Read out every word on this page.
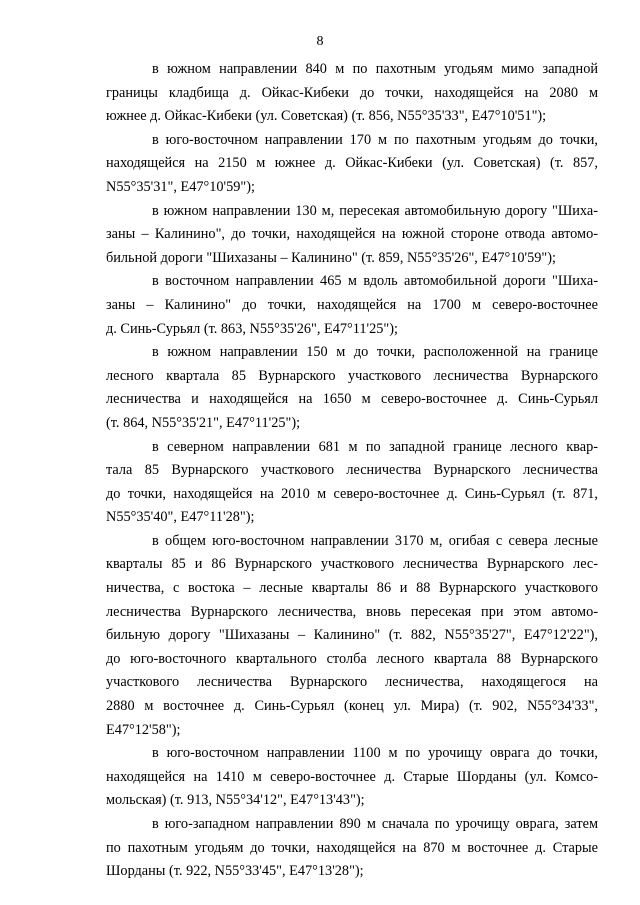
8

в южном направлении 840 м по пахотным угодьям мимо западной
границы кладбища д. Ойкас-Кибеки до точки, находящейся на 2080 м
южнее д. Ойкас-Кибеки (ул. Советская) (т. 856, N55°35'33", E47°10'51");

в юго-восточном направлении 170 м по пахотным угодьям до точки,
находящейся на 2150 м южнее д. Ойкас-Кибеки (ул. Советская) (т. 857,
N55°35'31", E47°10'59");

в южном направлении 130 м, пересекая автомобильную дорогу "Шиха-
заны – Калинино", до точки, находящейся на южной стороне отвода автомо-
бильной дороги "Шихазаны – Калинино" (т. 859, N55°35'26", E47°10'59");

в восточном направлении 465 м вдоль автомобильной дороги "Шиха-
заны – Калинино" до точки, находящейся на 1700 м северо-восточнее
д. Синь-Сурьял (т. 863, N55°35'26", E47°11'25");

в южном направлении 150 м до точки, расположенной на границе
лесного квартала 85 Вурнарского участкового лесничества Вурнарского
лесничества и находящейся на 1650 м северо-восточнее д. Синь-Сурьял
(т. 864, N55°35'21", E47°11'25");

в северном направлении 681 м по западной границе лесного квар-
тала 85 Вурнарского участкового лесничества Вурнарского лесничества
до точки, находящейся на 2010 м северо-восточнее д. Синь-Сурьял (т. 871,
N55°35'40", E47°11'28");

в общем юго-восточном направлении 3170 м, огибая с севера лесные
кварталы 85 и 86 Вурнарского участкового лесничества Вурнарского лес-
ничества, с востока – лесные кварталы 86 и 88 Вурнарского участкового
лесничества Вурнарского лесничества, вновь пересекая при этом автомо-
бильную дорогу "Шихазаны – Калинино" (т. 882, N55°35'27", E47°12'22"),
до юго-восточного квартального столба лесного квартала 88 Вурнарского
участкового лесничества Вурнарского лесничества, находящегося на
2880 м восточнее д. Синь-Сурьял (конец ул. Мира) (т. 902, N55°34'33",
E47°12'58");

в юго-восточном направлении 1100 м по урочищу оврага до точки,
находящейся на 1410 м северо-восточнее д. Старые Шорданы (ул. Комсо-
мольская) (т. 913, N55°34'12", E47°13'43");

в юго-западном направлении 890 м сначала по урочищу оврага, затем
по пахотным угодьям до точки, находящейся на 870 м восточнее д. Старые
Шорданы (т. 922, N55°33'45", E47°13'28");
